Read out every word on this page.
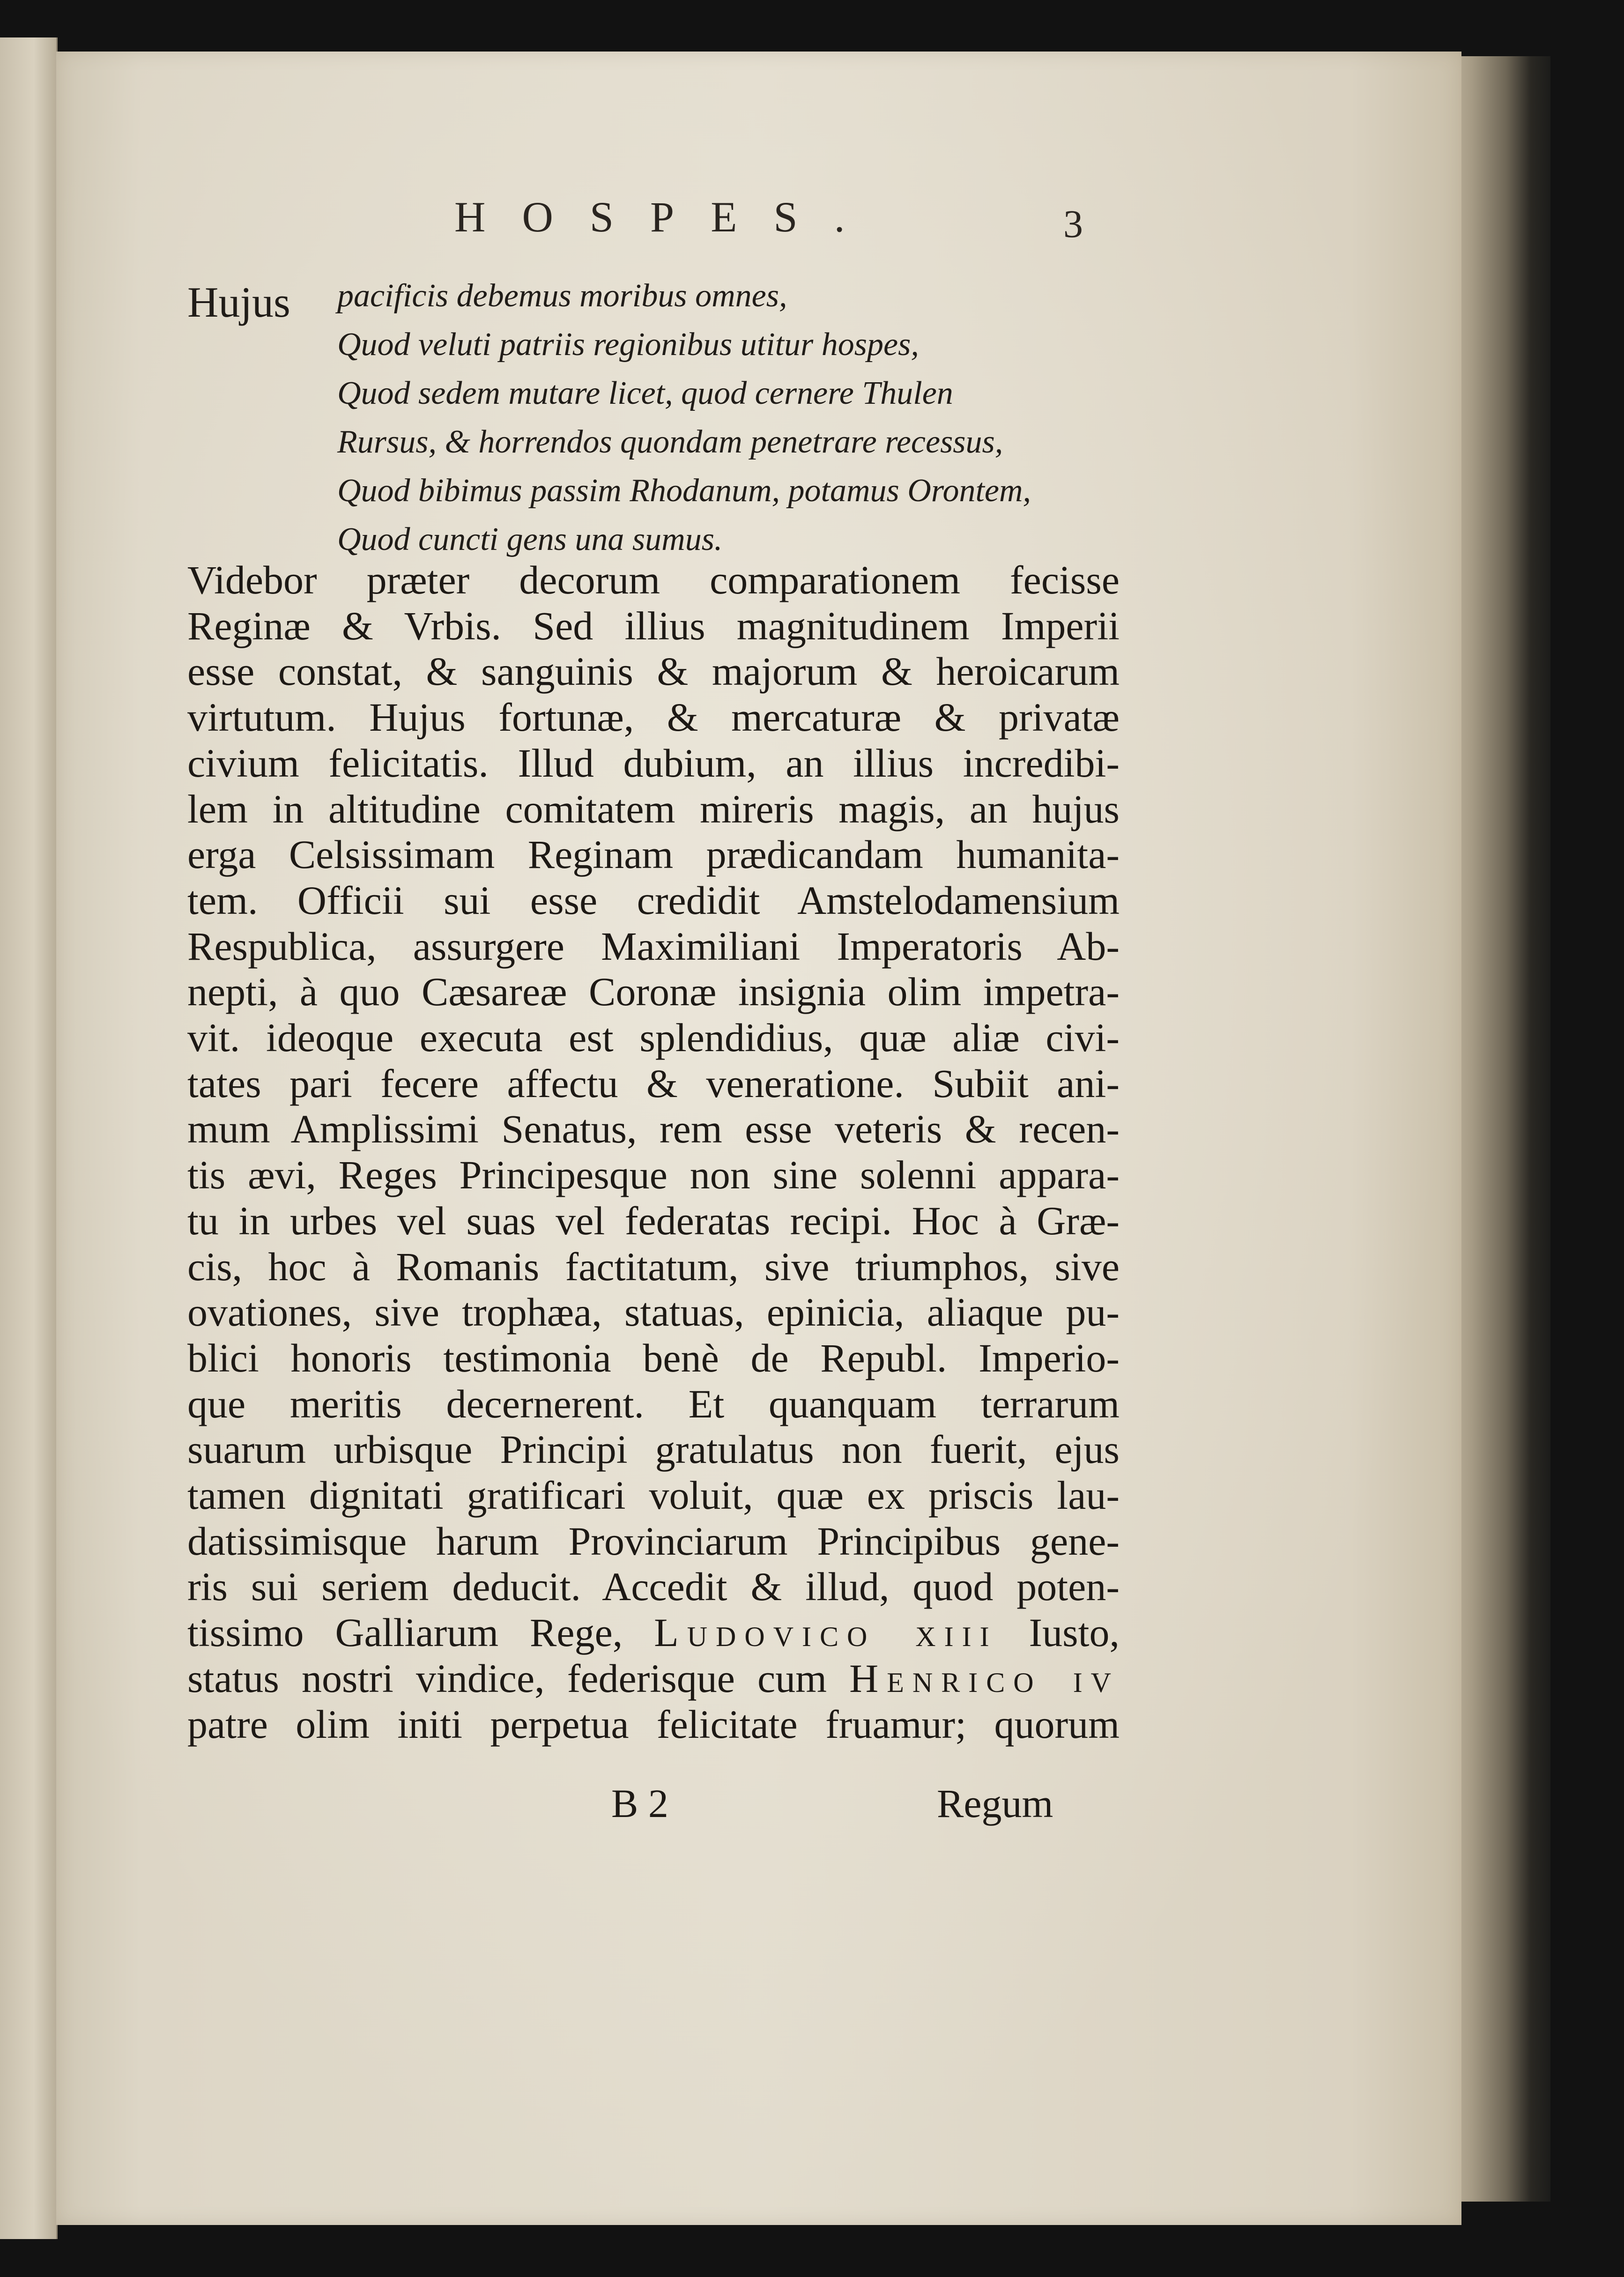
HOSPES.	3
Hujus pacificis debemus moribus omnes,
Quod veluti patriis regionibus utitur hospes,
Quod sedem mutare licet, quod cernere Thulen
Rursus, & horrendos quondam penetrare recessus,
Quod bibimus passim Rhodanum, potamus Orontem,
Quod cuncti gens una sumus.
Videbor præter decorum comparationem fecisse
Reginæ & Vrbis. Sed illius magnitudinem Imperii
esse constat, & sanguinis & majorum & heroicarum
virtutum. Hujus fortunæ, & mercaturæ & privatæ
civium felicitatis. Illud dubium, an illius incredibi-
lem in altitudine comitatem mireris magis, an hujus
erga Celsissimam Reginam prædicandam humanita-
tem. Officii sui esse credidit Amstelodamensium
Respublica, assurgere Maximiliani Imperatoris Ab-
nepti, à quo Cæsareæ Coronæ insignia olim impetra-
vit. ideoque executa est splendidius, quæ aliæ civi-
tates pari fecere affectu & veneratione. Subiit ani-
mum Amplissimi Senatus, rem esse veteris & recen-
tis ævi, Reges Principesque non sine solenni appara-
tu in urbes vel suas vel federatas recipi. Hoc à Græ-
cis, hoc à Romanis factitatum, sive triumphos, sive
ovationes, sive trophæa, statuas, epinicia, aliaque pu-
blici honoris testimonia benè de Republ. Imperio-
que meritis decernerent. Et quanquam terrarum
suarum urbisque Principi gratulatus non fuerit, ejus
tamen dignitati gratificari voluit, quæ ex priscis lau-
datissimisque harum Provinciarum Principibus gene-
ris sui seriem deducit. Accedit & illud, quod poten-
tissimo Galliarum Rege, Ludovico xiii Iusto,
status nostri vindice, federisque cum Henrico iv
patre olim initi perpetua felicitate fruamur; quorum
B 2	Regum
